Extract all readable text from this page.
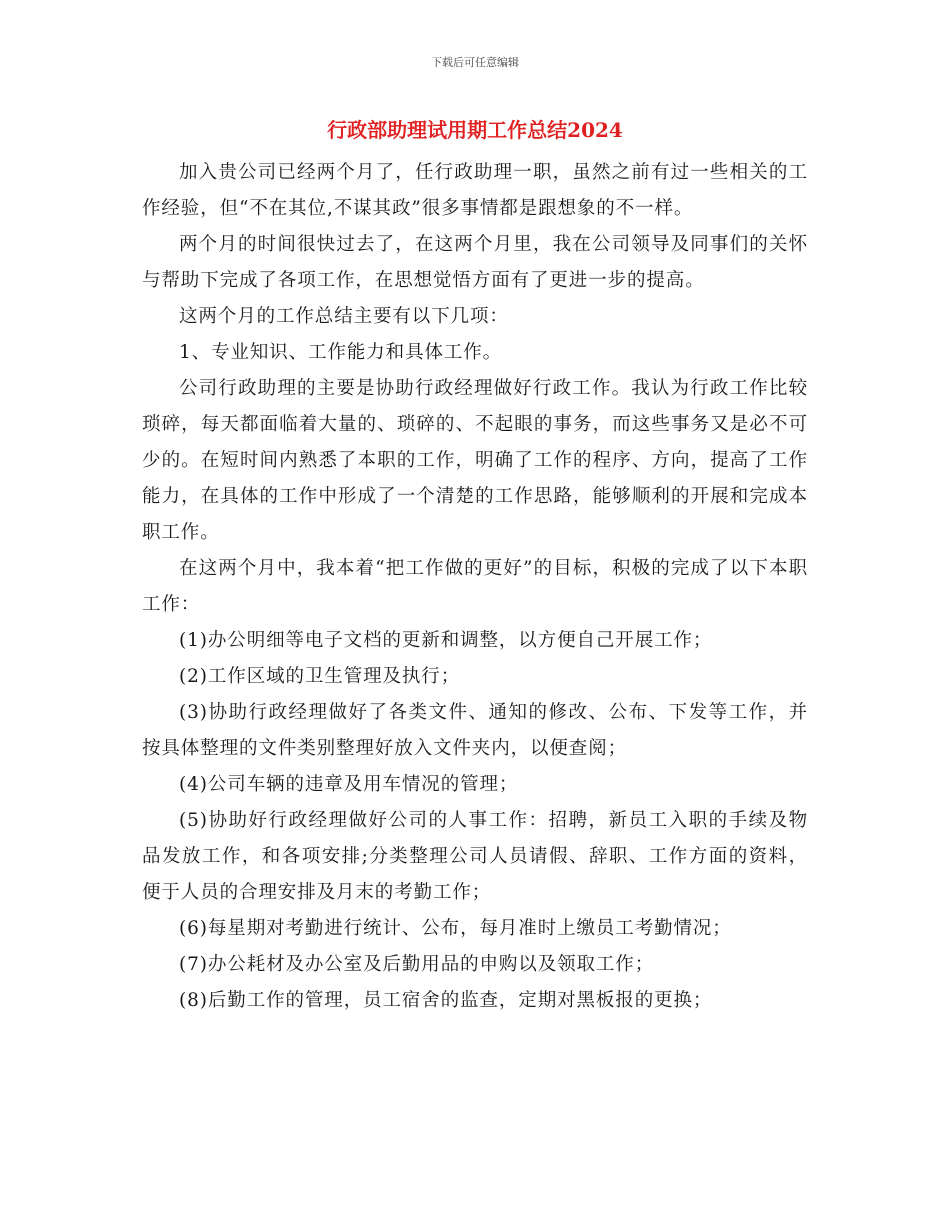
下载后可任意编辑
行政部助理试用期工作总结2024

加入贵公司已经两个月了，任行政助理一职，虽然之前有过一些相关的工作经验，但“不在其位,不谋其政”很多事情都是跟想象的不一样。

两个月的时间很快过去了，在这两个月里，我在公司领导及同事们的关怀与帮助下完成了各项工作，在思想觉悟方面有了更进一步的提高。

这两个月的工作总结主要有以下几项：

1、专业知识、工作能力和具体工作。

公司行政助理的主要是协助行政经理做好行政工作。我认为行政工作比较琐碎，每天都面临着大量的、琐碎的、不起眼的事务，而这些事务又是必不可少的。在短时间内熟悉了本职的工作，明确了工作的程序、方向，提高了工作能力，在具体的工作中形成了一个清楚的工作思路，能够顺利的开展和完成本职工作。

在这两个月中，我本着“把工作做的更好”的目标，积极的完成了以下本职工作：

(1)办公明细等电子文档的更新和调整，以方便自己开展工作；

(2)工作区域的卫生管理及执行；

(3)协助行政经理做好了各类文件、通知的修改、公布、下发等工作，并按具体整理的文件类别整理好放入文件夹内，以便查阅；

(4)公司车辆的违章及用车情况的管理；

(5)协助好行政经理做好公司的人事工作：招聘，新员工入职的手续及物品发放工作，和各项安排;分类整理公司人员请假、辞职、工作方面的资料，便于人员的合理安排及月末的考勤工作；

(6)每星期对考勤进行统计、公布，每月准时上缴员工考勤情况；

(7)办公耗材及办公室及后勤用品的申购以及领取工作；

(8)后勤工作的管理，员工宿舍的监查，定期对黑板报的更换；
